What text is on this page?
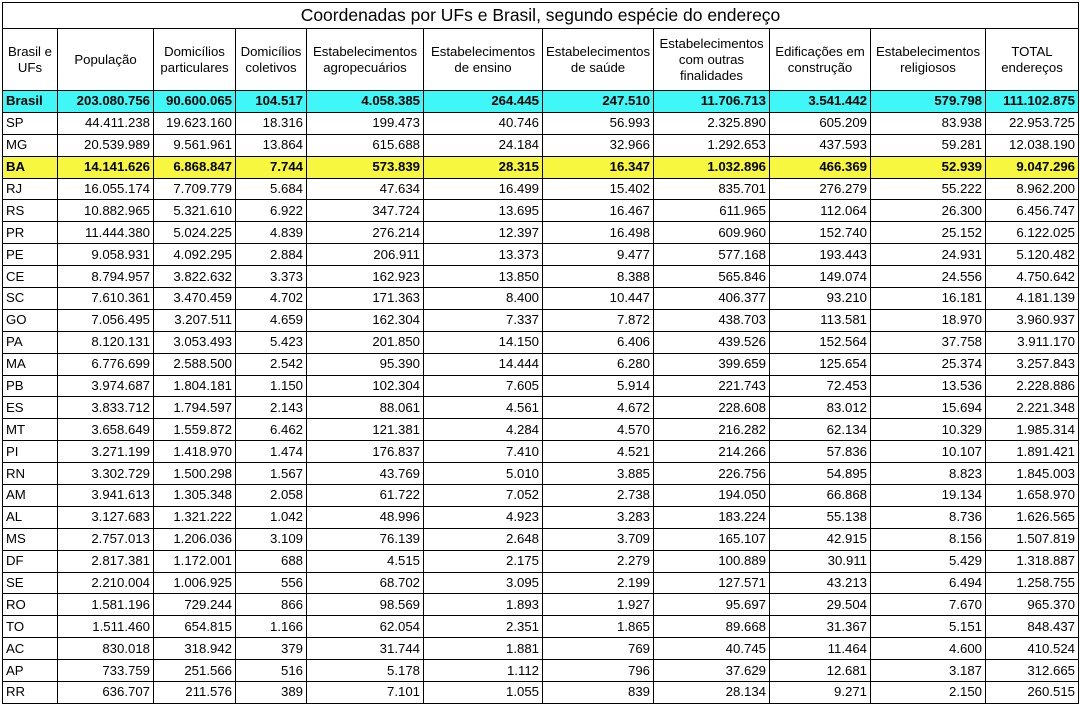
Coordenadas por UFs e Brasil, segundo espécie do endereço
Brasil e UFs	População	Domicílios particulares	Domicílios coletivos	Estabelecimentos agropecuários	Estabelecimentos de ensino	Estabelecimentos de saúde	Estabelecimentos com outras finalidades	Edificações em construção	Estabelecimentos religiosos	TOTAL endereços
Brasil	203.080.756	90.600.065	104.517	4.058.385	264.445	247.510	11.706.713	3.541.442	579.798	111.102.875
SP	44.411.238	19.623.160	18.316	199.473	40.746	56.993	2.325.890	605.209	83.938	22.953.725
MG	20.539.989	9.561.961	13.864	615.688	24.184	32.966	1.292.653	437.593	59.281	12.038.190
BA	14.141.626	6.868.847	7.744	573.839	28.315	16.347	1.032.896	466.369	52.939	9.047.296
RJ	16.055.174	7.709.779	5.684	47.634	16.499	15.402	835.701	276.279	55.222	8.962.200
RS	10.882.965	5.321.610	6.922	347.724	13.695	16.467	611.965	112.064	26.300	6.456.747
PR	11.444.380	5.024.225	4.839	276.214	12.397	16.498	609.960	152.740	25.152	6.122.025
PE	9.058.931	4.092.295	2.884	206.911	13.373	9.477	577.168	193.443	24.931	5.120.482
CE	8.794.957	3.822.632	3.373	162.923	13.850	8.388	565.846	149.074	24.556	4.750.642
SC	7.610.361	3.470.459	4.702	171.363	8.400	10.447	406.377	93.210	16.181	4.181.139
GO	7.056.495	3.207.511	4.659	162.304	7.337	7.872	438.703	113.581	18.970	3.960.937
PA	8.120.131	3.053.493	5.423	201.850	14.150	6.406	439.526	152.564	37.758	3.911.170
MA	6.776.699	2.588.500	2.542	95.390	14.444	6.280	399.659	125.654	25.374	3.257.843
PB	3.974.687	1.804.181	1.150	102.304	7.605	5.914	221.743	72.453	13.536	2.228.886
ES	3.833.712	1.794.597	2.143	88.061	4.561	4.672	228.608	83.012	15.694	2.221.348
MT	3.658.649	1.559.872	6.462	121.381	4.284	4.570	216.282	62.134	10.329	1.985.314
PI	3.271.199	1.418.970	1.474	176.837	7.410	4.521	214.266	57.836	10.107	1.891.421
RN	3.302.729	1.500.298	1.567	43.769	5.010	3.885	226.756	54.895	8.823	1.845.003
AM	3.941.613	1.305.348	2.058	61.722	7.052	2.738	194.050	66.868	19.134	1.658.970
AL	3.127.683	1.321.222	1.042	48.996	4.923	3.283	183.224	55.138	8.736	1.626.565
MS	2.757.013	1.206.036	3.109	76.139	2.648	3.709	165.107	42.915	8.156	1.507.819
DF	2.817.381	1.172.001	688	4.515	2.175	2.279	100.889	30.911	5.429	1.318.887
SE	2.210.004	1.006.925	556	68.702	3.095	2.199	127.571	43.213	6.494	1.258.755
RO	1.581.196	729.244	866	98.569	1.893	1.927	95.697	29.504	7.670	965.370
TO	1.511.460	654.815	1.166	62.054	2.351	1.865	89.668	31.367	5.151	848.437
AC	830.018	318.942	379	31.744	1.881	769	40.745	11.464	4.600	410.524
AP	733.759	251.566	516	5.178	1.112	796	37.629	12.681	3.187	312.665
RR	636.707	211.576	389	7.101	1.055	839	28.134	9.271	2.150	260.515
